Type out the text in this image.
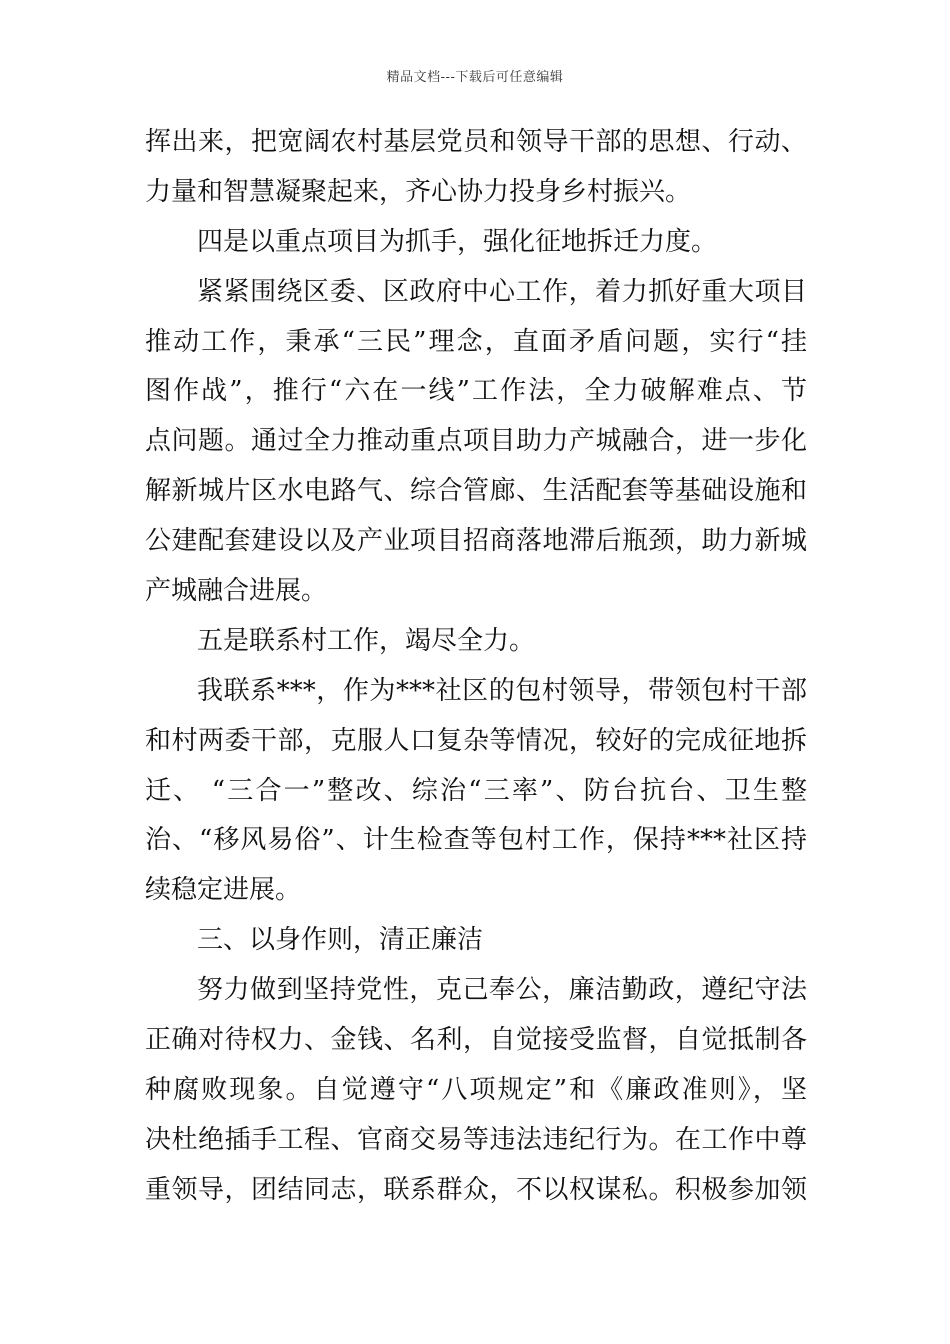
精品文档---下载后可任意编辑
挥出来，把宽阔农村基层党员和领导干部的思想、行动、
力量和智慧凝聚起来，齐心协力投身乡村振兴。
四是以重点项目为抓手，强化征地拆迁力度。
紧紧围绕区委、区政府中心工作，着力抓好重大项目
推动工作，秉承“三民”理念，直面矛盾问题，实行“挂
图作战”，推行“六在一线”工作法，全力破解难点、节
点问题。通过全力推动重点项目助力产城融合，进一步化
解新城片区水电路气、综合管廊、生活配套等基础设施和
公建配套建设以及产业项目招商落地滞后瓶颈，助力新城
产城融合进展。
五是联系村工作，竭尽全力。
我联系***，作为***社区的包村领导，带领包村干部
和村两委干部，克服人口复杂等情况，较好的完成征地拆
迁、 “三合一”整改、综治“三率”、防台抗台、卫生整
治、“移风易俗”、计生检查等包村工作，保持***社区持
续稳定进展。
三、以身作则，清正廉洁
努力做到坚持党性，克己奉公，廉洁勤政，遵纪守法
正确对待权力、金钱、名利，自觉接受监督，自觉抵制各
种腐败现象。自觉遵守“八项规定”和《廉政准则》，坚
决杜绝插手工程、官商交易等违法违纪行为。在工作中尊
重领导，团结同志，联系群众，不以权谋私。积极参加领
